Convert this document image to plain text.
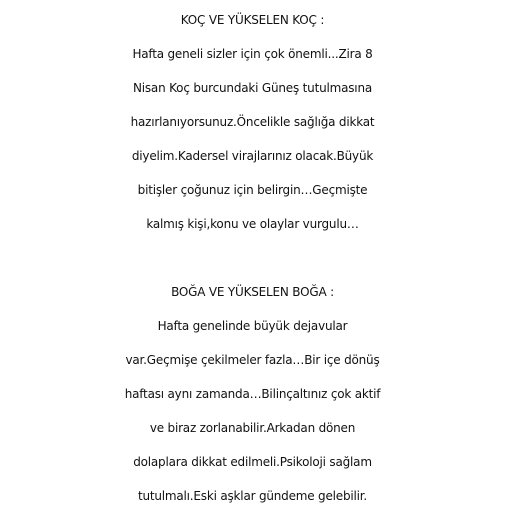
KOÇ VE YÜKSELEN KOÇ :
Hafta geneli sizler için çok önemli...Zira 8
Nisan Koç burcundaki Güneş tutulmasına
hazırlanıyorsunuz.Öncelikle sağlığa dikkat
diyelim.Kadersel virajlarınız olacak.Büyük
bitişler çoğunuz için belirgin…Geçmişte
kalmış kişi,konu ve olaylar vurgulu…
BOĞA VE YÜKSELEN BOĞA :
Hafta genelinde büyük dejavular
var.Geçmişe çekilmeler fazla…Bir içe dönüş
haftası aynı zamanda…Bilinçaltınız çok aktif
ve biraz zorlanabilir.Arkadan dönen
dolaplara dikkat edilmeli.Psikoloji sağlam
tutulmalı.Eski aşklar gündeme gelebilir.
